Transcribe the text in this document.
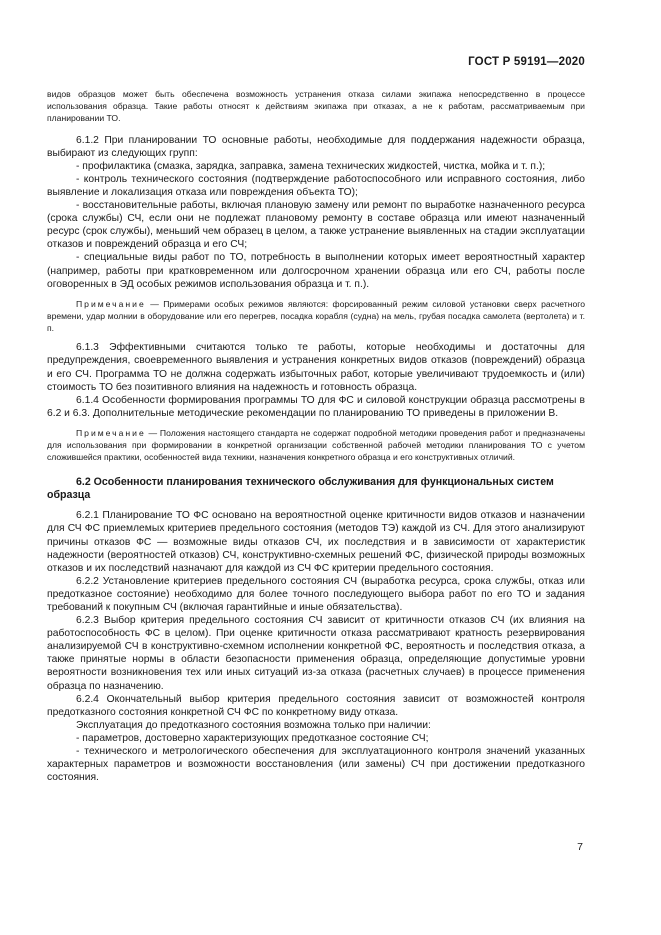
ГОСТ Р 59191—2020

видов образцов может быть обеспечена возможность устранения отказа силами экипажа непосредственно в процессе использования образца. Такие работы относят к действиям экипажа при отказах, а не к работам, рассматриваемым при планировании ТО.

6.1.2 При планировании ТО основные работы, необходимые для поддержания надежности образца, выбирают из следующих групп:

- профилактика (смазка, зарядка, заправка, замена технических жидкостей, чистка, мойка и т. п.);

- контроль технического состояния (подтверждение работоспособного или исправного состояния, либо выявление и локализация отказа или повреждения объекта ТО);

- восстановительные работы, включая плановую замену или ремонт по выработке назначенного ресурса (срока службы) СЧ, если они не подлежат плановому ремонту в составе образца или имеют назначенный ресурс (срок службы), меньший чем образец в целом, а также устранение выявленных на стадии эксплуатации отказов и повреждений образца и его СЧ;

- специальные виды работ по ТО, потребность в выполнении которых имеет вероятностный характер (например, работы при кратковременном или долгосрочном хранении образца или его СЧ, работы после оговоренных в ЭД особых режимов использования образца и т. п.).

Примечание — Примерами особых режимов являются: форсированный режим силовой установки сверх расчетного времени, удар молнии в оборудование или его перегрев, посадка корабля (судна) на мель, грубая посадка самолета (вертолета) и т. п.

6.1.3 Эффективными считаются только те работы, которые необходимы и достаточны для предупреждения, своевременного выявления и устранения конкретных видов отказов (повреждений) образца и его СЧ. Программа ТО не должна содержать избыточных работ, которые увеличивают трудоемкость и (или) стоимость ТО без позитивного влияния на надежность и готовность образца.

6.1.4 Особенности формирования программы ТО для ФС и силовой конструкции образца рассмотрены в 6.2 и 6.3. Дополнительные методические рекомендации по планированию ТО приведены в приложении В.

Примечание — Положения настоящего стандарта не содержат подробной методики проведения работ и предназначены для использования при формировании в конкретной организации собственной рабочей методики планирования ТО с учетом сложившейся практики, особенностей вида техники, назначения конкретного образца и его конструктивных отличий.

6.2 Особенности планирования технического обслуживания для функциональных систем образца

6.2.1 Планирование ТО ФС основано на вероятностной оценке критичности видов отказов и назначении для СЧ ФС приемлемых критериев предельного состояния (методов ТЭ) каждой из СЧ. Для этого анализируют причины отказов ФС — возможные виды отказов СЧ, их последствия и в зависимости от характеристик надежности (вероятностей отказов) СЧ, конструктивно-схемных решений ФС, физической природы возможных отказов и их последствий назначают для каждой из СЧ ФС критерии предельного состояния.

6.2.2 Установление критериев предельного состояния СЧ (выработка ресурса, срока службы, отказ или предотказное состояние) необходимо для более точного последующего выбора работ по его ТО и задания требований к покупным СЧ (включая гарантийные и иные обязательства).

6.2.3 Выбор критерия предельного состояния СЧ зависит от критичности отказов СЧ (их влияния на работоспособность ФС в целом). При оценке критичности отказа рассматривают кратность резервирования анализируемой СЧ в конструктивно-схемном исполнении конкретной ФС, вероятность и последствия отказа, а также принятые нормы в области безопасности применения образца, определяющие допустимые уровни вероятности возникновения тех или иных ситуаций из-за отказа (расчетных случаев) в процессе применения образца по назначению.

6.2.4 Окончательный выбор критерия предельного состояния зависит от возможностей контроля предотказного состояния конкретной СЧ ФС по конкретному виду отказа.

Эксплуатация до предотказного состояния возможна только при наличии:

- параметров, достоверно характеризующих предотказное состояние СЧ;

- технического и метрологического обеспечения для эксплуатационного контроля значений указанных характерных параметров и возможности восстановления (или замены) СЧ при достижении предотказного состояния.

7
